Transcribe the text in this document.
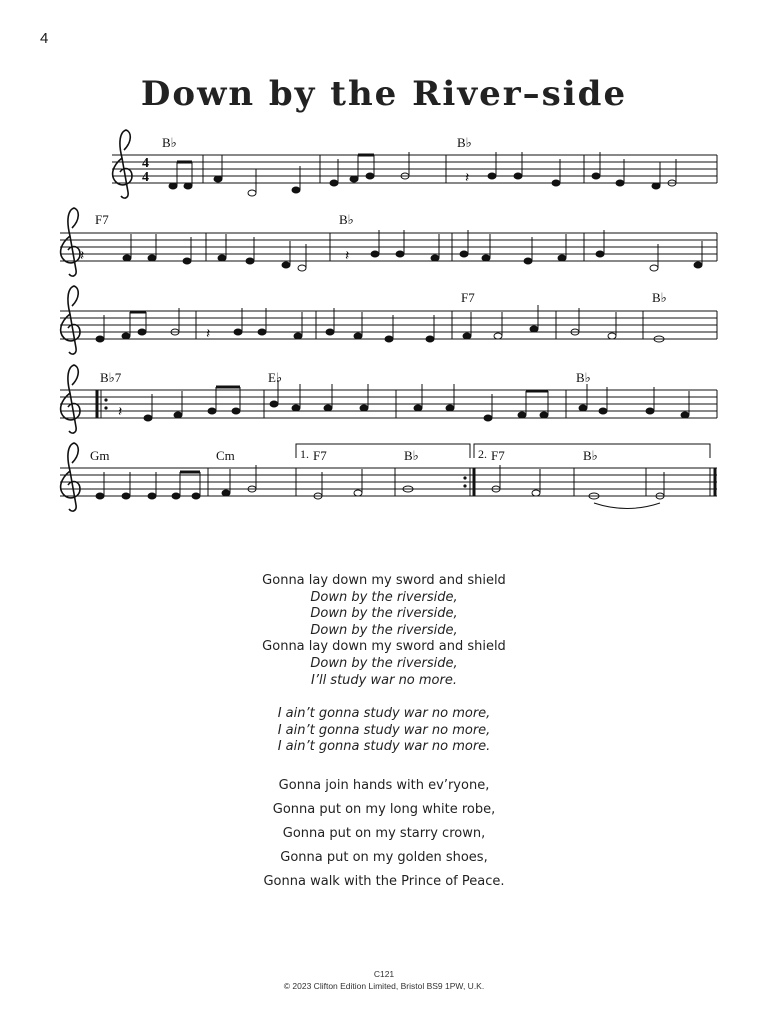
4
Down by the River–side
4
4
B♭	B♭
𝄽
F7	B♭
𝄽	𝄽
F7	B♭
𝄽
B♭7	E♭	B♭
𝄽
Gm	Cm	1. F7	B♭	2. F7	B♭
Gonna lay down my sword and shield
Down by the riverside,
Down by the riverside,
Down by the riverside,
Gonna lay down my sword and shield
Down by the riverside,
I’ll study war no more.
I ain’t gonna study war no more,
I ain’t gonna study war no more,
I ain’t gonna study war no more.
Gonna join hands with ev’ryone,
Gonna put on my long white robe,
Gonna put on my starry crown,
Gonna put on my golden shoes,
Gonna walk with the Prince of Peace.
C121
© 2023 Clifton Edition Limited, Bristol BS9 1PW, U.K.
